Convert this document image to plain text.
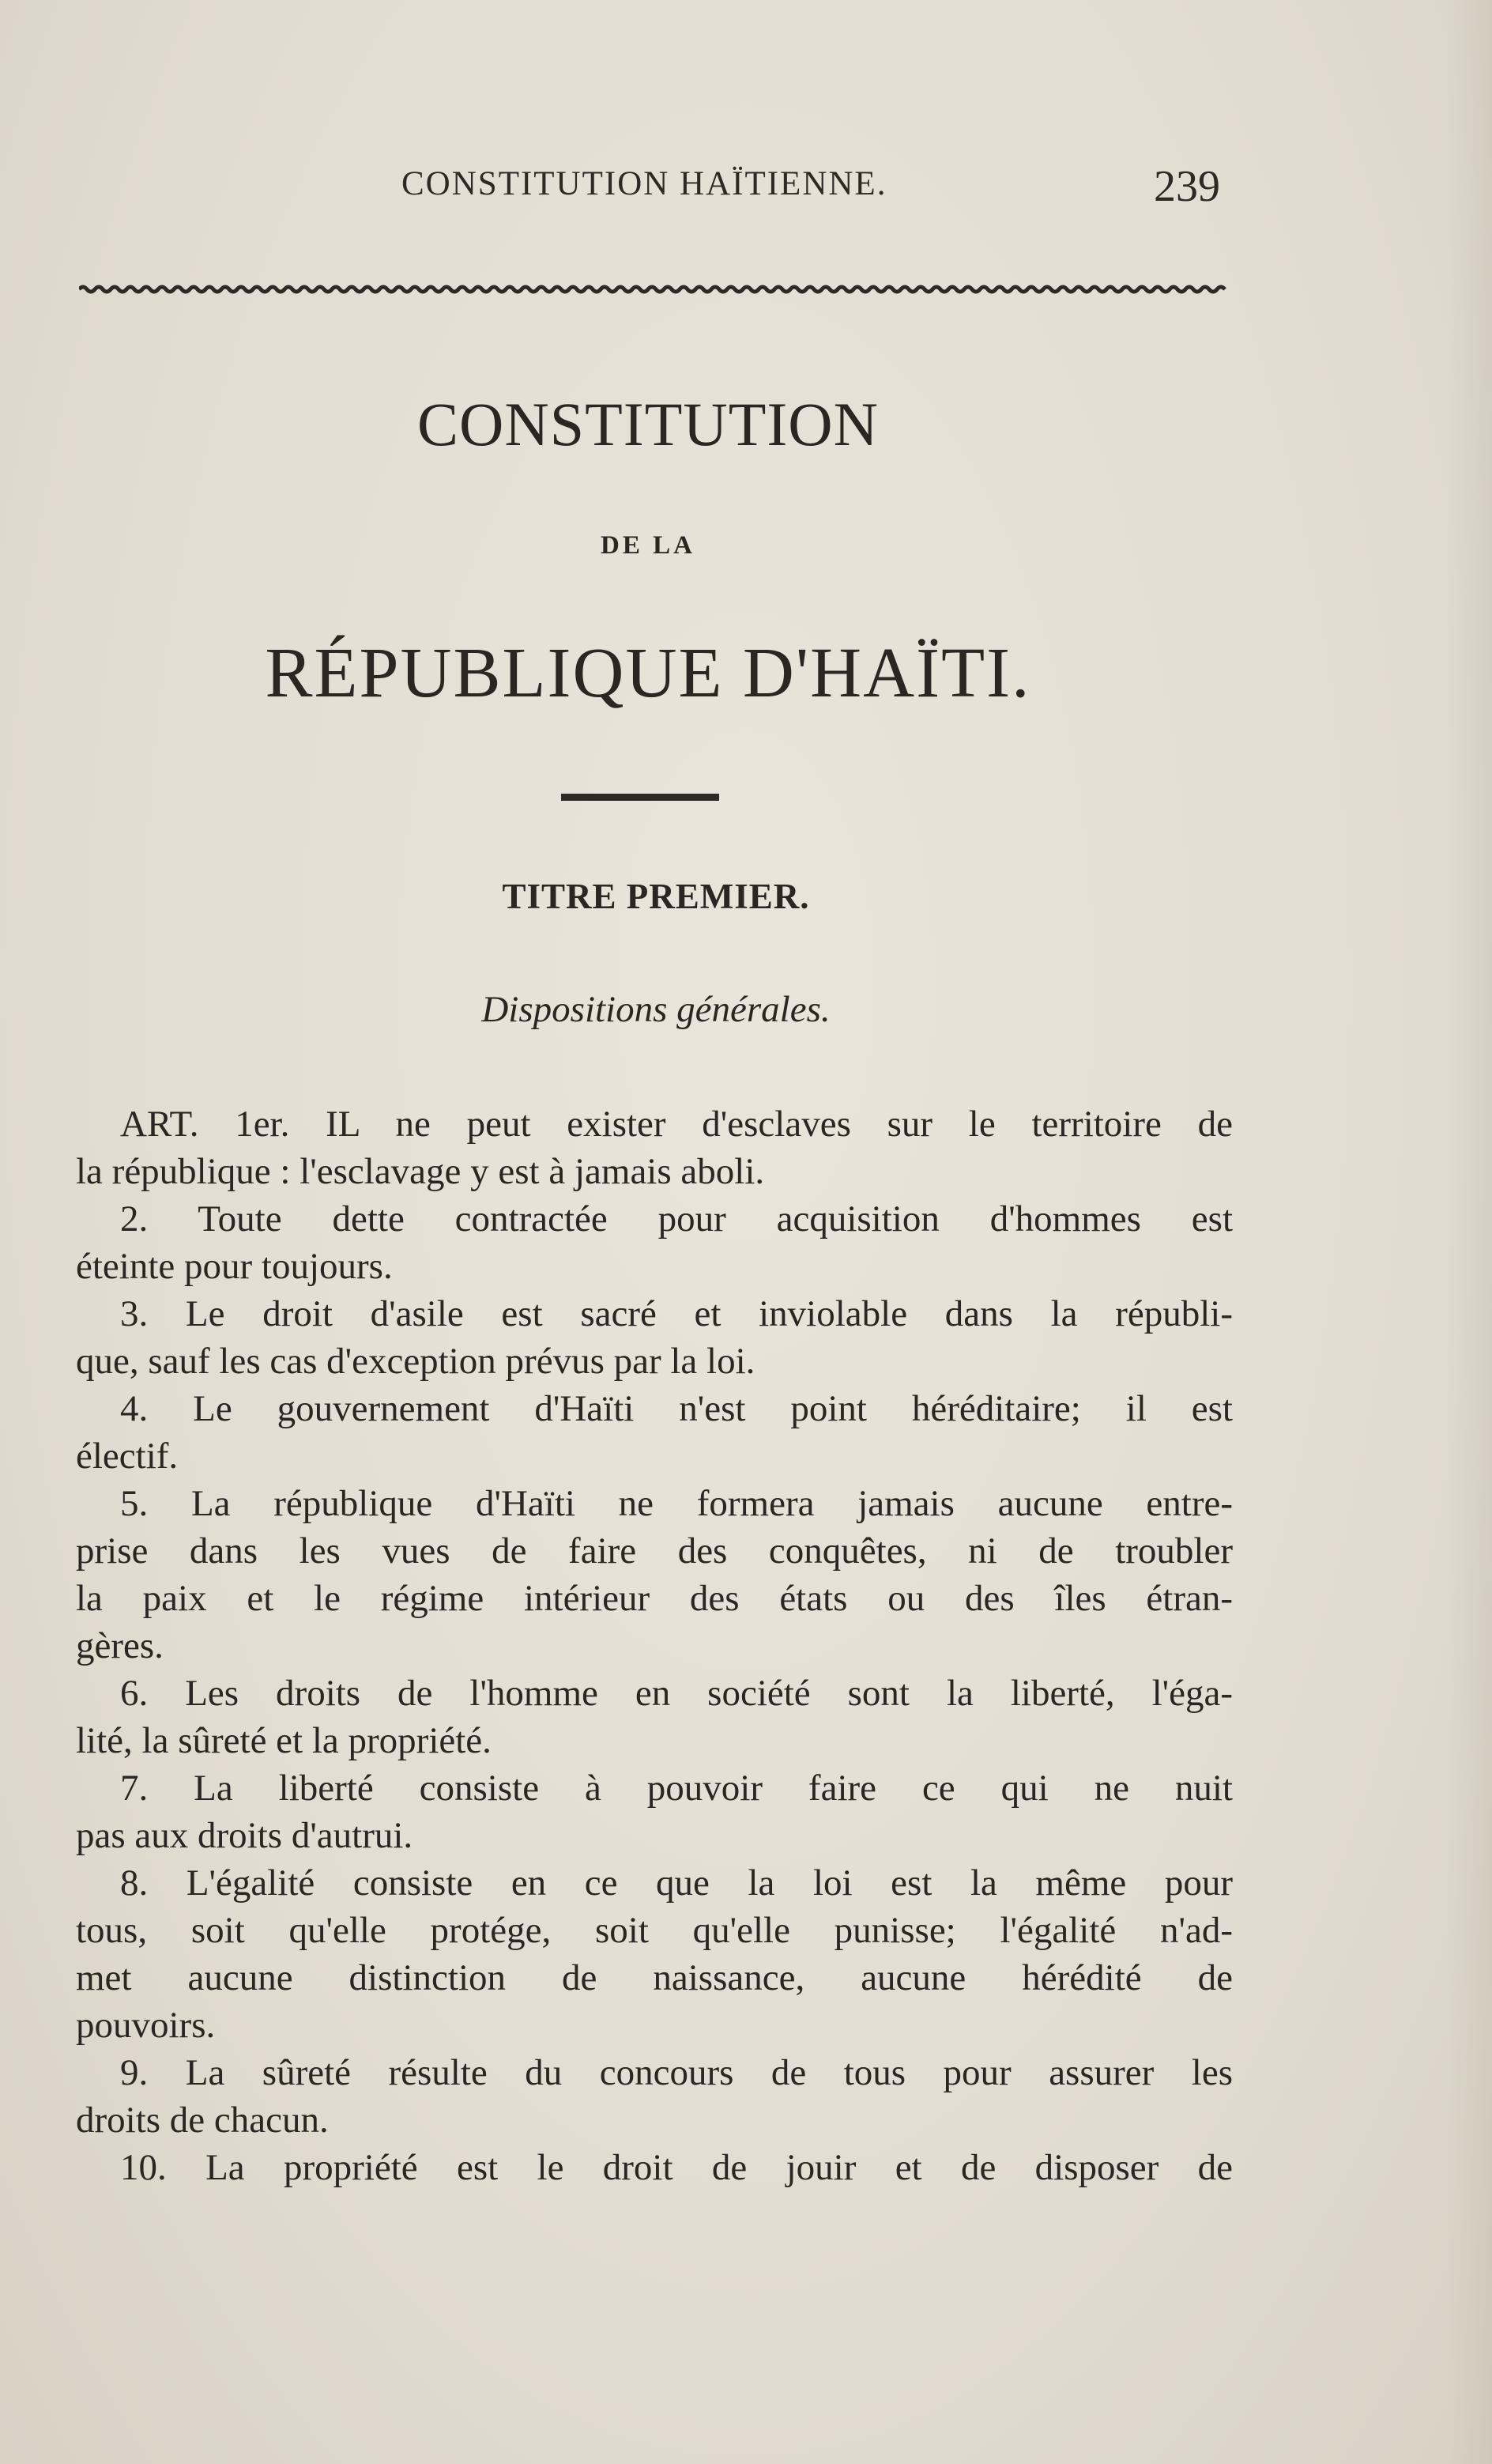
CONSTITUTION HAÏTIENNE.	239
CONSTITUTION
DE LA
RÉPUBLIQUE D'HAÏTI.
TITRE PREMIER.
Dispositions générales.
ART. 1er. IL ne peut exister d'esclaves sur le territoire de
la république : l'esclavage y est à jamais aboli.
2. Toute dette contractée pour acquisition d'hommes est
éteinte pour toujours.
3. Le droit d'asile est sacré et inviolable dans la républi-
que, sauf les cas d'exception prévus par la loi.
4. Le gouvernement d'Haïti n'est point héréditaire; il est
électif.
5. La république d'Haïti ne formera jamais aucune entre-
prise dans les vues de faire des conquêtes, ni de troubler
la paix et le régime intérieur des états ou des îles étran-
gères.
6. Les droits de l'homme en société sont la liberté, l'éga-
lité, la sûreté et la propriété.
7. La liberté consiste à pouvoir faire ce qui ne nuit
pas aux droits d'autrui.
8. L'égalité consiste en ce que la loi est la même pour
tous, soit qu'elle protége, soit qu'elle punisse; l'égalité n'ad-
met aucune distinction de naissance, aucune hérédité de
pouvoirs.
9. La sûreté résulte du concours de tous pour assurer les
droits de chacun.
10. La propriété est le droit de jouir et de disposer de
